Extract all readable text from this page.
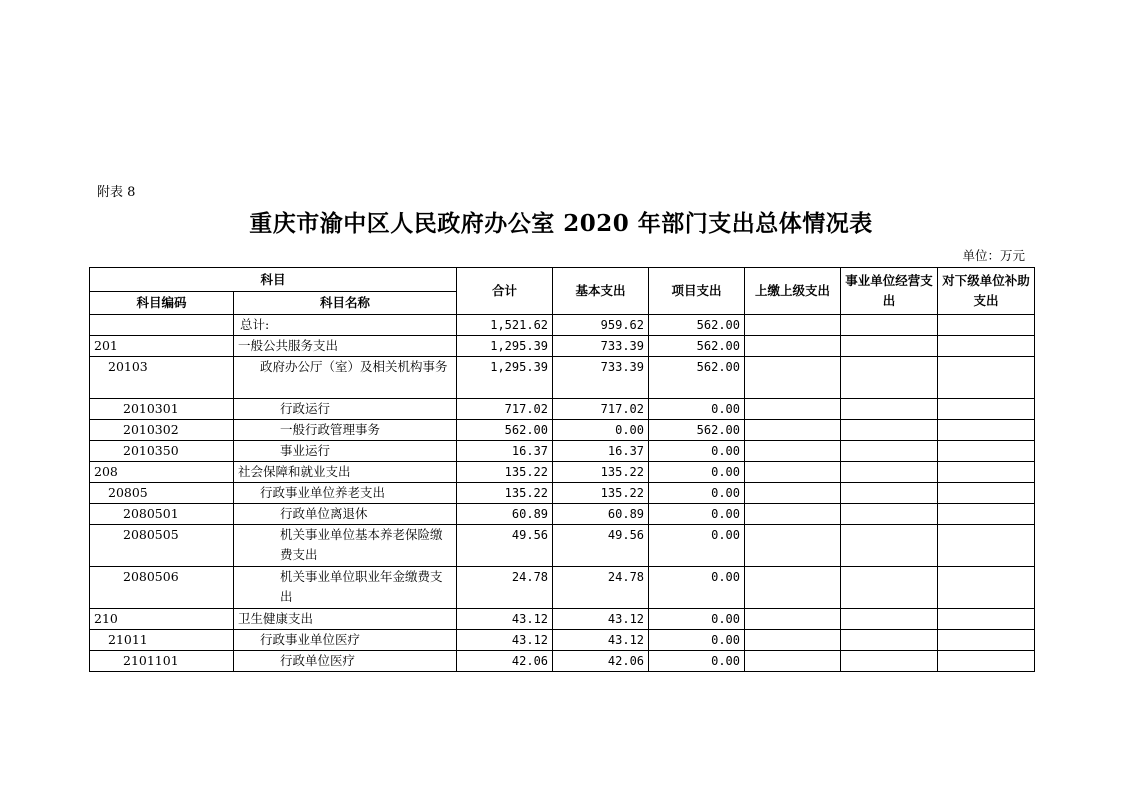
附表 8
重庆市渝中区人民政府办公室 2020 年部门支出总体情况表
单位：万元
科目		合计	基本支出	项目支出	上缴上级支出	事业单位经营支出	对下级单位补助支出
科目编码	科目名称						
	总计:	1,521.62	959.62	562.00			
201	一般公共服务支出	1,295.39	733.39	562.00			
20103	政府办公厅（室）及相关机构事务	1,295.39	733.39	562.00			
2010301	行政运行	717.02	717.02	0.00			
2010302	一般行政管理事务	562.00	0.00	562.00			
2010350	事业运行	16.37	16.37	0.00			
208	社会保障和就业支出	135.22	135.22	0.00			
20805	行政事业单位养老支出	135.22	135.22	0.00			
2080501	行政单位离退休	60.89	60.89	0.00			
2080505	机关事业单位基本养老保险缴费支出	49.56	49.56	0.00			
2080506	机关事业单位职业年金缴费支出	24.78	24.78	0.00			
210	卫生健康支出	43.12	43.12	0.00			
21011	行政事业单位医疗	43.12	43.12	0.00			
2101101	行政单位医疗	42.06	42.06	0.00			
